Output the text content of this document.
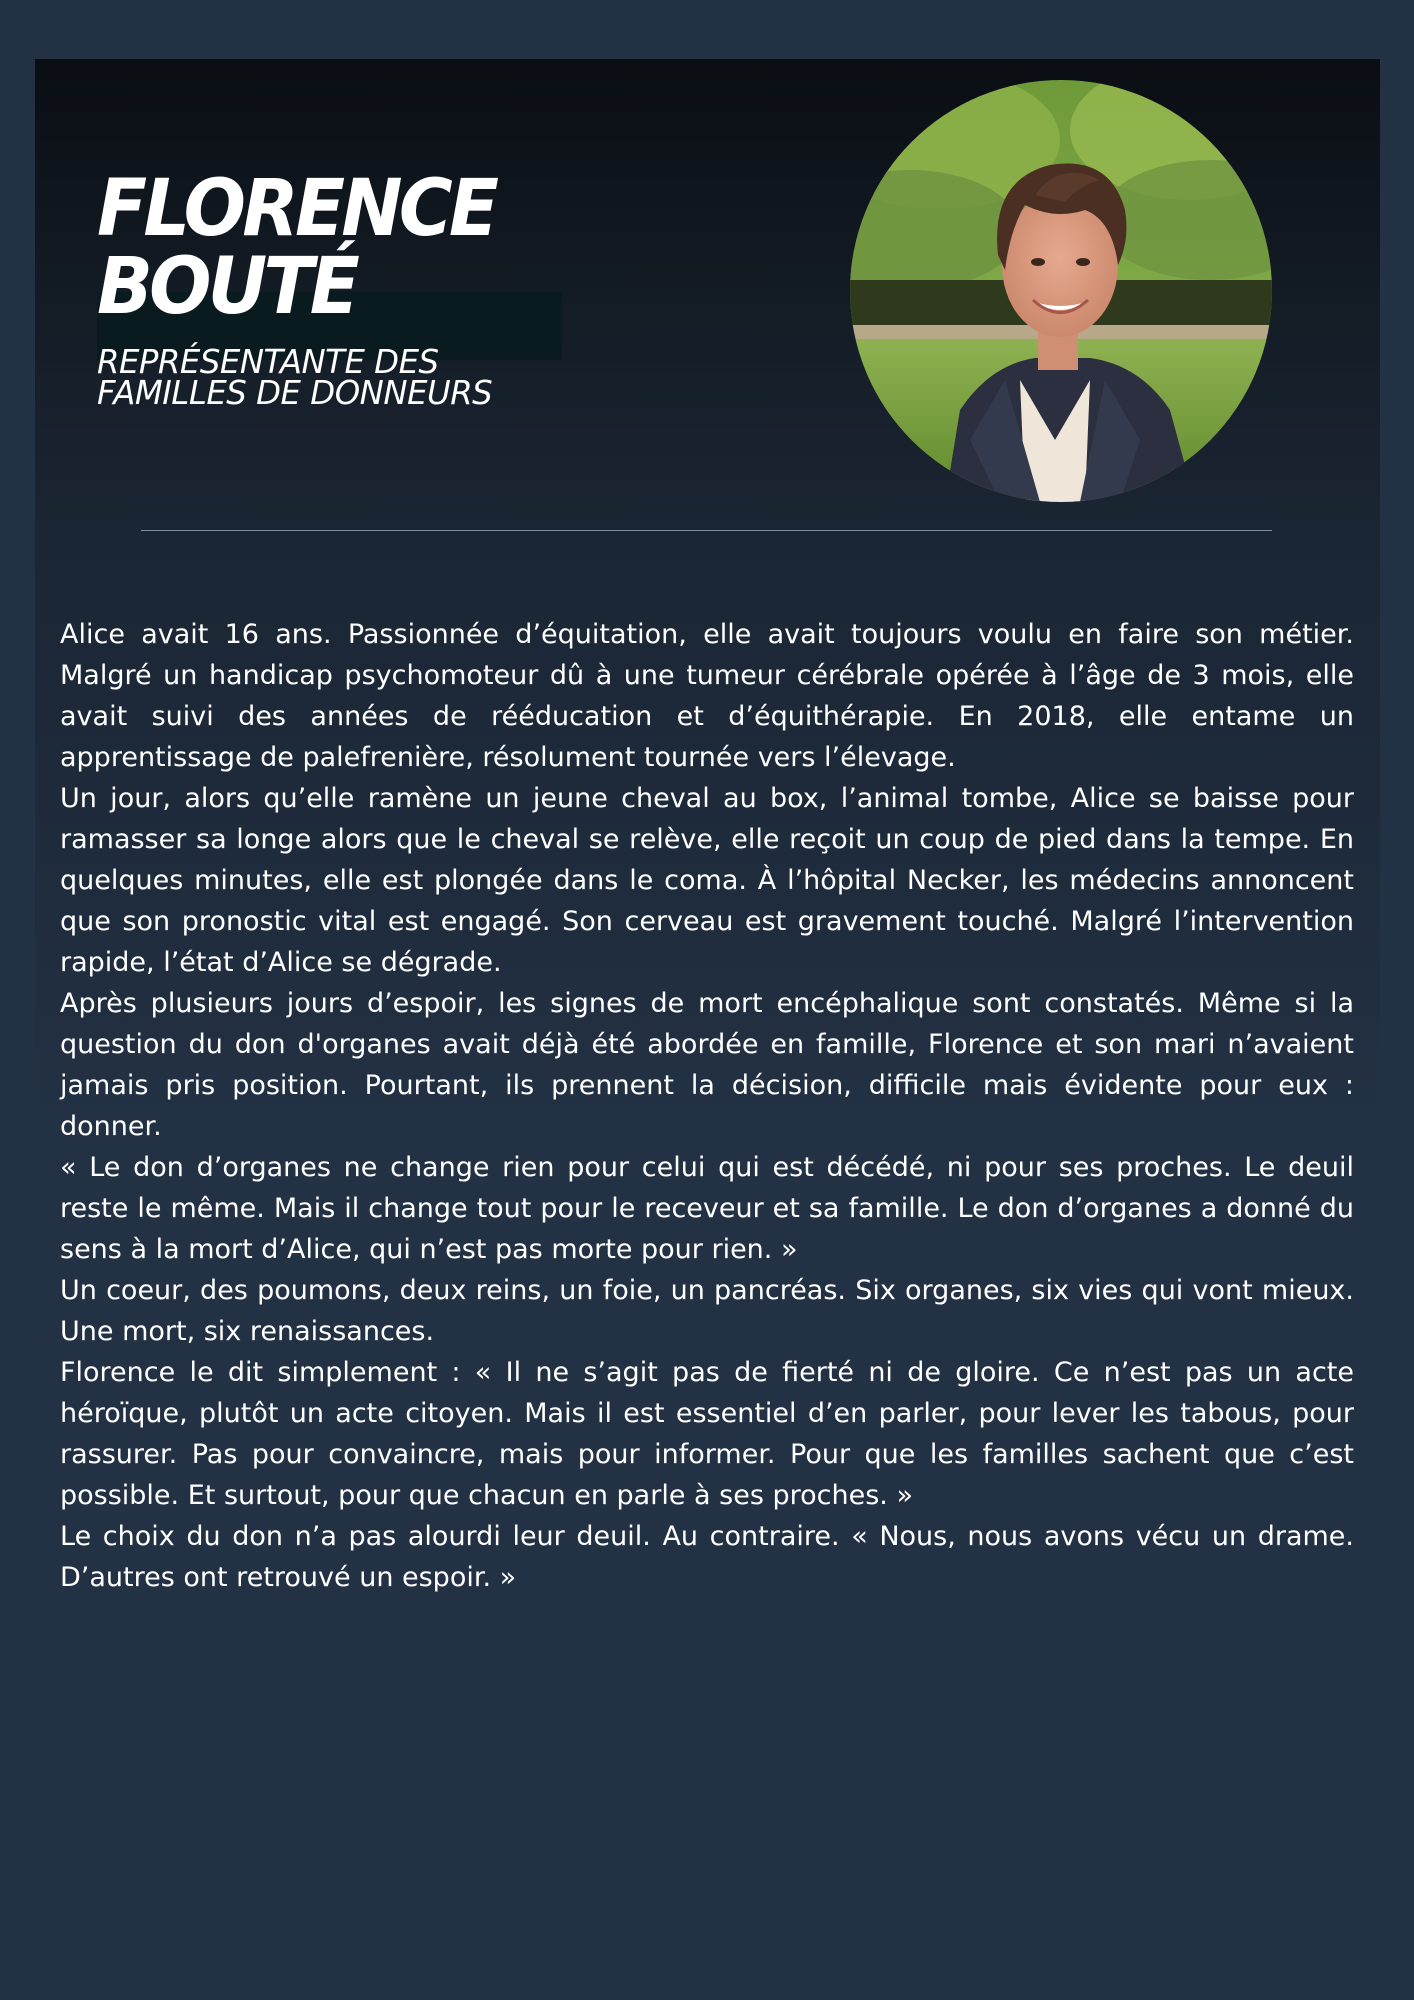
FLORENCE
BOUTÉ
REPRÉSENTANTE DES
FAMILLES DE DONNEURS

Alice avait 16 ans. Passionnée d’équitation, elle avait toujours voulu en faire son métier. Malgré un handicap psychomoteur dû à une tumeur cérébrale opérée à l’âge de 3 mois, elle avait suivi des années de rééducation et d’équithérapie. En 2018, elle entame un apprentissage de palefrenière, résolument tournée vers l’élevage.

Un jour, alors qu’elle ramène un jeune cheval au box, l’animal tombe, Alice se baisse pour ramasser sa longe alors que le cheval se relève, elle reçoit un coup de pied dans la tempe. En quelques minutes, elle est plongée dans le coma. À l’hôpital Necker, les médecins annoncent que son pronostic vital est engagé. Son cerveau est gravement touché. Malgré l’intervention rapide, l’état d’Alice se dégrade.

Après plusieurs jours d’espoir, les signes de mort encéphalique sont constatés. Même si la question du don d'organes avait déjà été abordée en famille, Florence et son mari n’avaient jamais pris position. Pourtant, ils prennent la décision, difficile mais évidente pour eux : donner.

« Le don d’organes ne change rien pour celui qui est décédé, ni pour ses proches. Le deuil reste le même. Mais il change tout pour le receveur et sa famille. Le don d’organes a donné du sens à la mort d’Alice, qui n’est pas morte pour rien. »

Un coeur, des poumons, deux reins, un foie, un pancréas. Six organes, six vies qui vont mieux. Une mort, six renaissances.

Florence le dit simplement : « Il ne s’agit pas de fierté ni de gloire. Ce n’est pas un acte héroïque, plutôt un acte citoyen. Mais il est essentiel d’en parler, pour lever les tabous, pour rassurer. Pas pour convaincre, mais pour informer. Pour que les familles sachent que c’est possible. Et surtout, pour que chacun en parle à ses proches. »

Le choix du don n’a pas alourdi leur deuil. Au contraire. « Nous, nous avons vécu un drame. D’autres ont retrouvé un espoir. »
